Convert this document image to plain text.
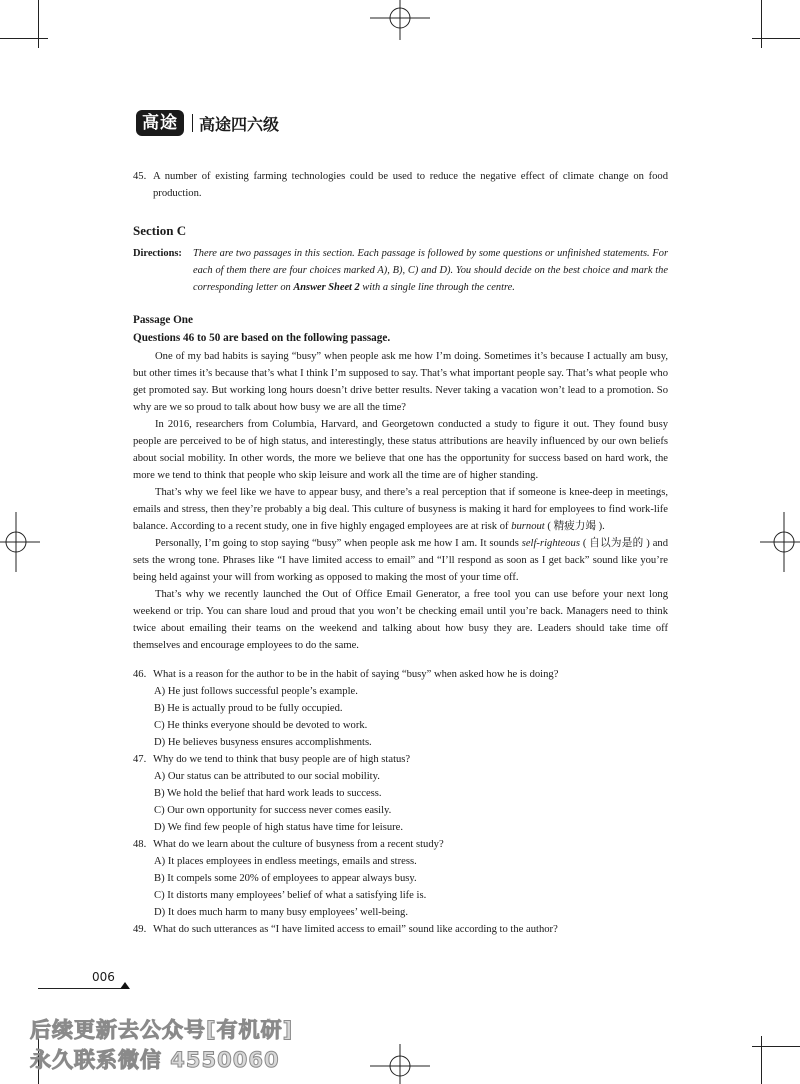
高途	高途四六级
45. A number of existing farming technologies could be used to reduce the negative effect of climate change on food production.
Section C
Directions:	There are two passages in this section. Each passage is followed by some questions or unfinished statements. For each of them there are four choices marked A), B), C) and D). You should decide on the best choice and mark the corresponding letter on Answer Sheet 2 with a single line through the centre.
Passage One
Questions 46 to 50 are based on the following passage.

One of my bad habits is saying “busy” when people ask me how I’m doing. Sometimes it’s because I actually am busy, but other times it’s because that’s what I think I’m supposed to say. That’s what important people say. That’s what people who get promoted say. But working long hours doesn’t drive better results. Never taking a vacation won’t lead to a promotion. So why are we so proud to talk about how busy we are all the time?

In 2016, researchers from Columbia, Harvard, and Georgetown conducted a study to figure it out. They found busy people are perceived to be of high status, and interestingly, these status attributions are heavily influenced by our own beliefs about social mobility. In other words, the more we believe that one has the opportunity for success based on hard work, the more we tend to think that people who skip leisure and work all the time are of higher standing.

That’s why we feel like we have to appear busy, and there’s a real perception that if someone is knee-deep in meetings, emails and stress, then they’re probably a big deal. This culture of busyness is making it hard for employees to find work-life balance. According to a recent study, one in five highly engaged employees are at risk of burnout ( 精疲力竭 ).

Personally, I’m going to stop saying “busy” when people ask me how I am. It sounds self-righteous ( 自以为是的 ) and sets the wrong tone. Phrases like “I have limited access to email” and “I’ll respond as soon as I get back” sound like you’re being held against your will from working as opposed to making the most of your time off.

That’s why we recently launched the Out of Office Email Generator, a free tool you can use before your next long weekend or trip. You can share loud and proud that you won’t be checking email until you’re back. Managers need to think twice about emailing their teams on the weekend and talking about how busy they are. Leaders should take time off themselves and encourage employees to do the same.

46. What is a reason for the author to be in the habit of saying “busy” when asked how he is doing?
A) He just follows successful people’s example.
B) He is actually proud to be fully occupied.
C) He thinks everyone should be devoted to work.
D) He believes busyness ensures accomplishments.
47. Why do we tend to think that busy people are of high status?
A) Our status can be attributed to our social mobility.
B) We hold the belief that hard work leads to success.
C) Our own opportunity for success never comes easily.
D) We find few people of high status have time for leisure.
48. What do we learn about the culture of busyness from a recent study?
A) It places employees in endless meetings, emails and stress.
B) It compels some 20% of employees to appear always busy.
C) It distorts many employees’ belief of what a satisfying life is.
D) It does much harm to many busy employees’ well-being.
49. What do such utterances as “I have limited access to email” sound like according to the author?
006
后续更新去公众号[有机研]
永久联系微信 4550060
